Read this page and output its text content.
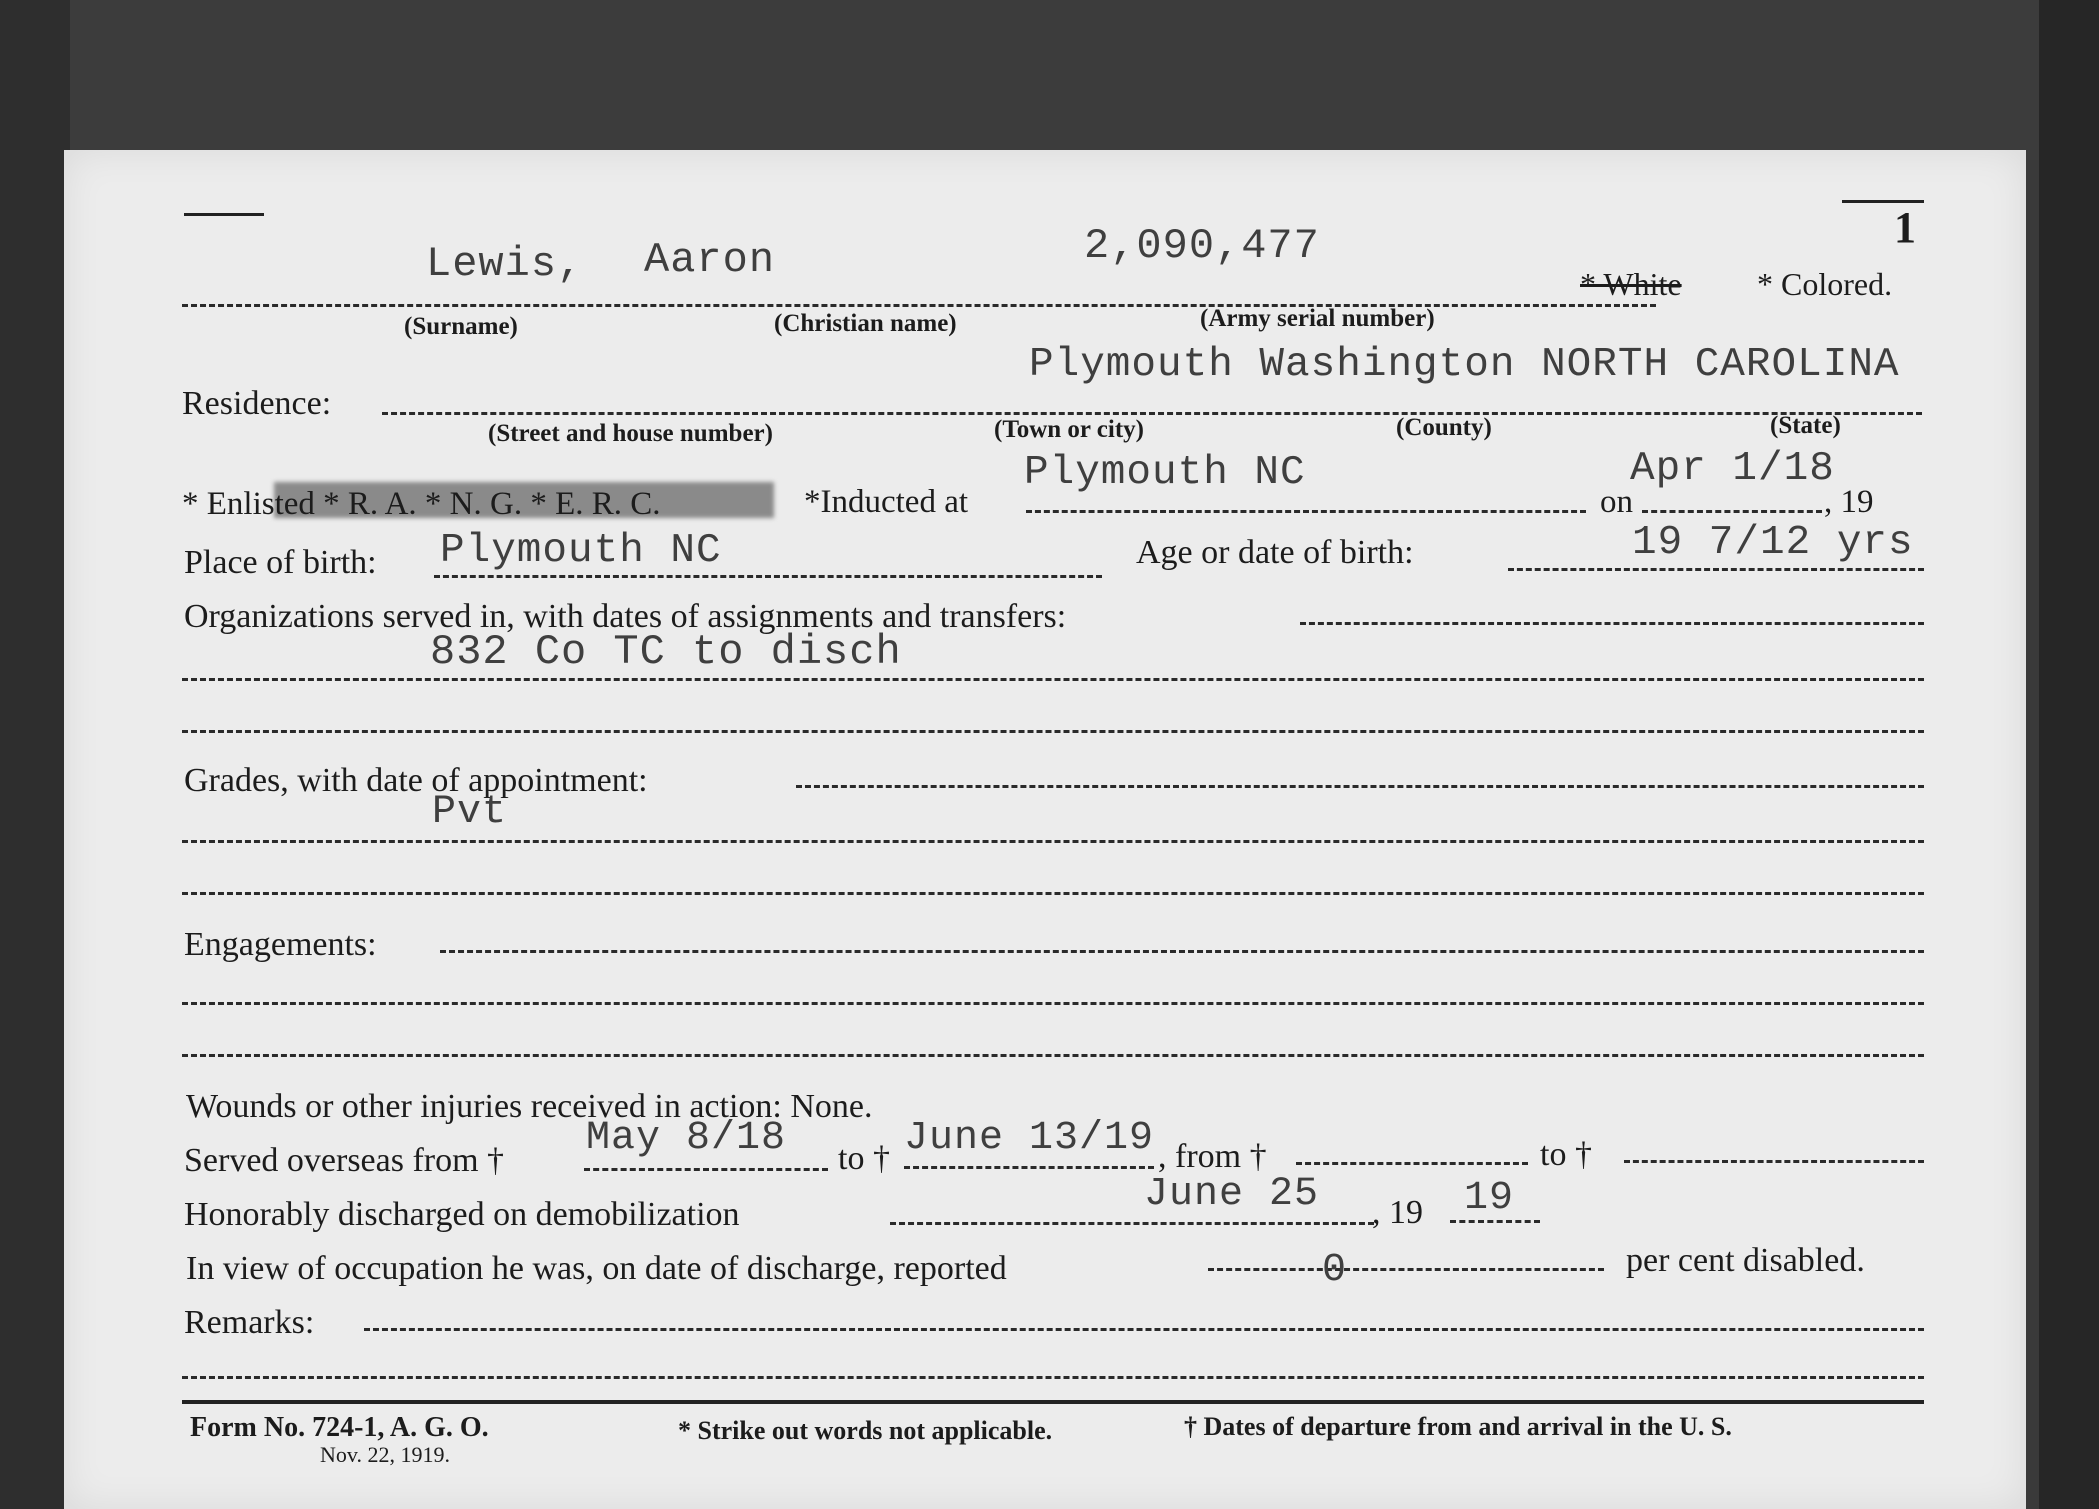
1
Lewis, Aaron	2,090,477
* White * Colored.
(Surname)	(Christian name)	(Army serial number)
Plymouth Washington NORTH CAROLINA
Residence:
(Street and house number)	(Town or city)	(County)	(State)
* Enlisted * R. A. * N. G. * E. R. C.	*Inducted at
Plymouth NC
on
Apr 1/18
, 19
Place of birth: Plymouth NC	Age or date of birth:	19 7/12 yrs
Organizations served in, with dates of assignments and transfers:
832 Co TC to disch
Grades, with date of appointment:
Pvt
Engagements:
Wounds or other injuries received in action: None.
Served overseas from † May 8/18 to † June 13/19 , from †	to †
Honorably discharged on demobilization	June 25 , 19 19
In view of occupation he was, on date of discharge, reported	0	per cent disabled.
Remarks:
Form No. 724-1, A. G. O.
Nov. 22, 1919.
* Strike out words not applicable.	† Dates of departure from and arrival in the U. S.
